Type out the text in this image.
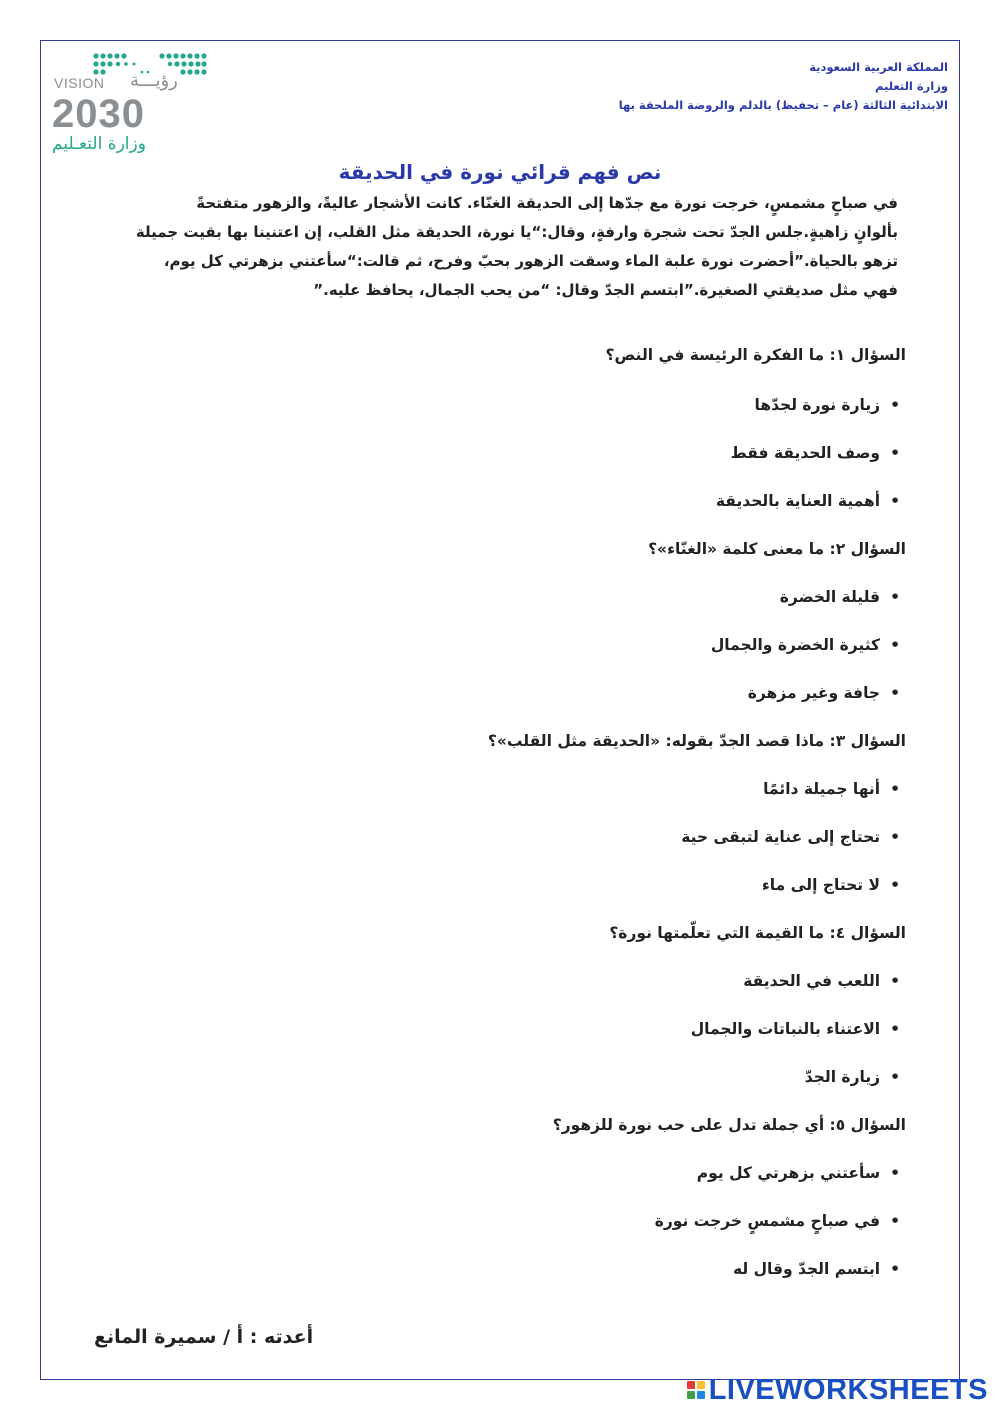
VISION رؤيـــة
2030
وزارة التعـليم
المملكة العربية السعودية
وزارة التعليم
الابتدائية الثالثة (عام – تحفيظ) بالدلم والروضة الملحقة بها
نص فهم قرائي نورة في الحديقة
في صباحٍ مشمسٍ، خرجت نورة مع جدّها إلى الحديقة الغنّاء. كانت الأشجار عاليةً، والزهور متفتحةً
بألوانٍ زاهيةٍ.جلس الجدّ تحت شجرة وارفةٍ، وقال:“يا نورة، الحديقة مثل القلب، إن اعتنينا بها بقيت جميلة
تزهو بالحياة.”أحضرت نورة علبة الماء وسقت الزهور بحبّ وفرح، ثم قالت:“سأعتني بزهرتي كل يوم،
فهي مثل صديقتي الصغيرة.”ابتسم الجدّ وقال: “من يحب الجمال، يحافظ عليه.”
السؤال ١: ما الفكرة الرئيسة في النص؟
•زيارة نورة لجدّها
•وصف الحديقة فقط
•أهمية العناية بالحديقة
السؤال ٢: ما معنى كلمة «الغنّاء»؟
•قليلة الخضرة
•كثيرة الخضرة والجمال
•جافة وغير مزهرة
السؤال ٣: ماذا قصد الجدّ بقوله: «الحديقة مثل القلب»؟
•أنها جميلة دائمًا
•تحتاج إلى عناية لتبقى حية
•لا تحتاج إلى ماء
السؤال ٤: ما القيمة التي تعلّمتها نورة؟
•اللعب في الحديقة
•الاعتناء بالنباتات والجمال
•زيارة الجدّ
السؤال ٥: أي جملة تدل على حب نورة للزهور؟
•سأعتني بزهرتي كل يوم
•في صباحٍ مشمسٍ خرجت نورة
•ابتسم الجدّ وقال له
أعدته : أ / سميرة المانع
LIVEWORKSHEETS
